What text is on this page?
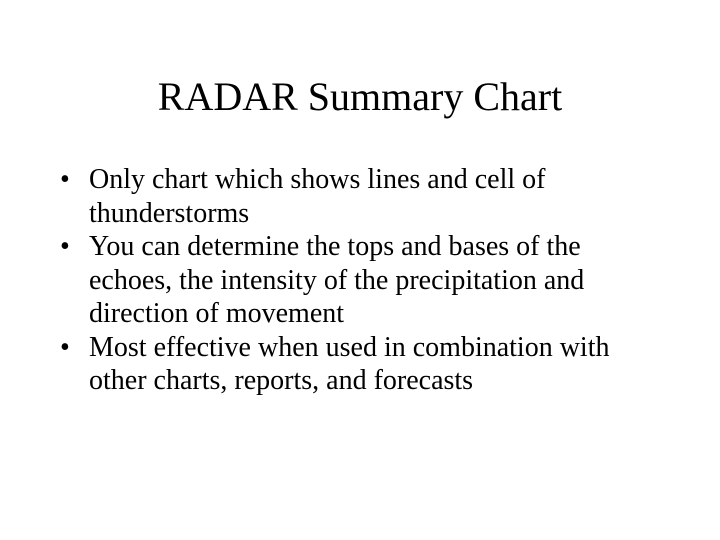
RADAR Summary Chart
• Only chart which shows lines and cell of thunderstorms
• You can determine the tops and bases of the echoes, the intensity of the precipitation and direction of movement
• Most effective when used in combination with other charts, reports, and forecasts
